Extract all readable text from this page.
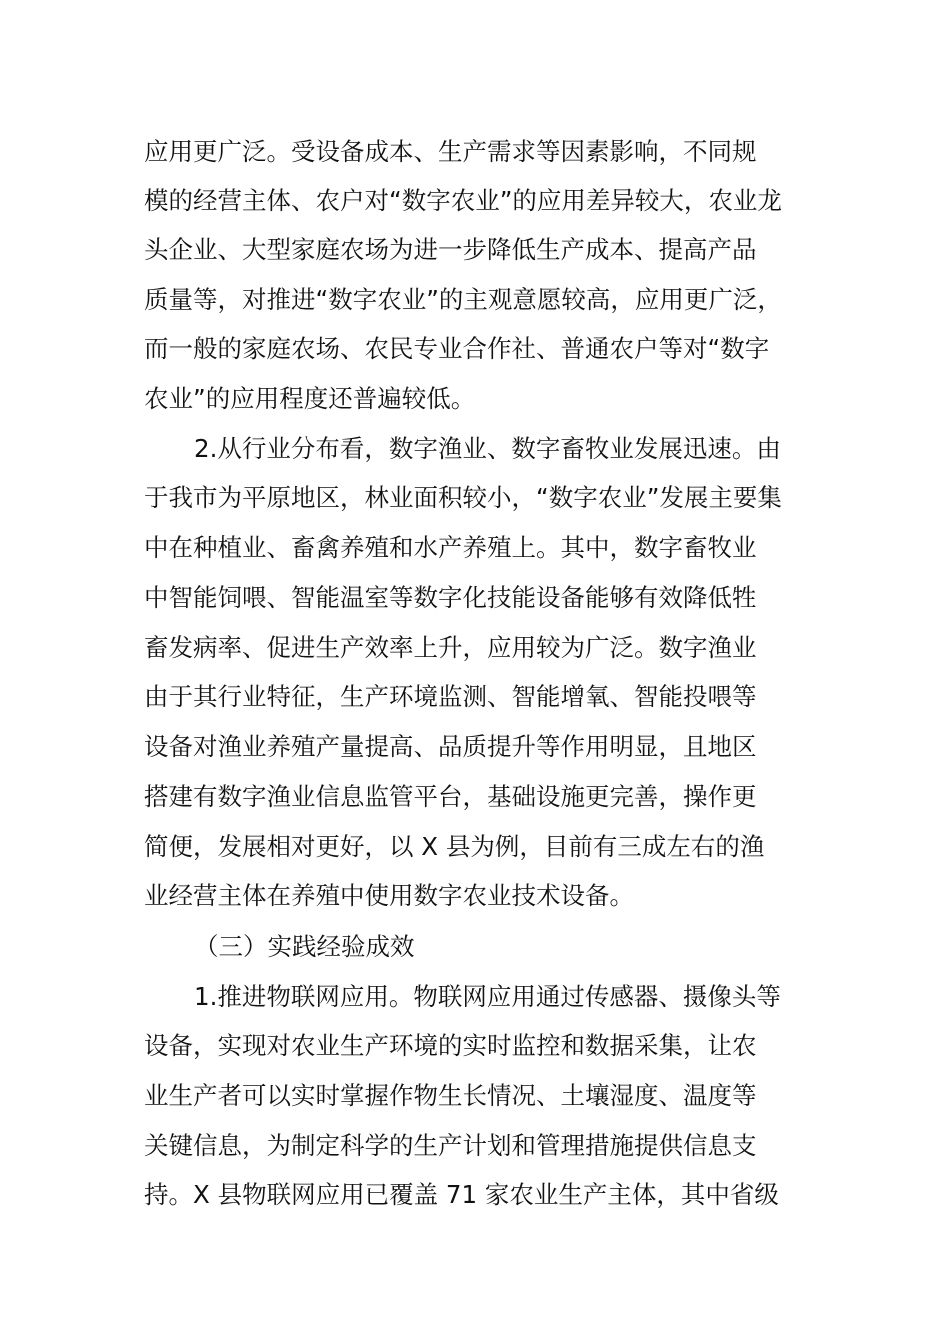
应用更广泛。受设备成本、生产需求等因素影响，不同规
模的经营主体、农户对“数字农业”的应用差异较大，农业龙
头企业、大型家庭农场为进一步降低生产成本、提高产品
质量等，对推进“数字农业”的主观意愿较高，应用更广泛，
而一般的家庭农场、农民专业合作社、普通农户等对“数字
农业”的应用程度还普遍较低。
2.从行业分布看，数字渔业、数字畜牧业发展迅速。由
于我市为平原地区，林业面积较小，“数字农业”发展主要集
中在种植业、畜禽养殖和水产养殖上。其中，数字畜牧业
中智能饲喂、智能温室等数字化技能设备能够有效降低牲
畜发病率、促进生产效率上升，应用较为广泛。数字渔业
由于其行业特征，生产环境监测、智能增氧、智能投喂等
设备对渔业养殖产量提高、品质提升等作用明显，且地区
搭建有数字渔业信息监管平台，基础设施更完善，操作更
简便，发展相对更好，以 X 县为例，目前有三成左右的渔
业经营主体在养殖中使用数字农业技术设备。
（三）实践经验成效
1.推进物联网应用。物联网应用通过传感器、摄像头等
设备，实现对农业生产环境的实时监控和数据采集，让农
业生产者可以实时掌握作物生长情况、土壤湿度、温度等
关键信息，为制定科学的生产计划和管理措施提供信息支
持。X 县物联网应用已覆盖 71 家农业生产主体，其中省级
